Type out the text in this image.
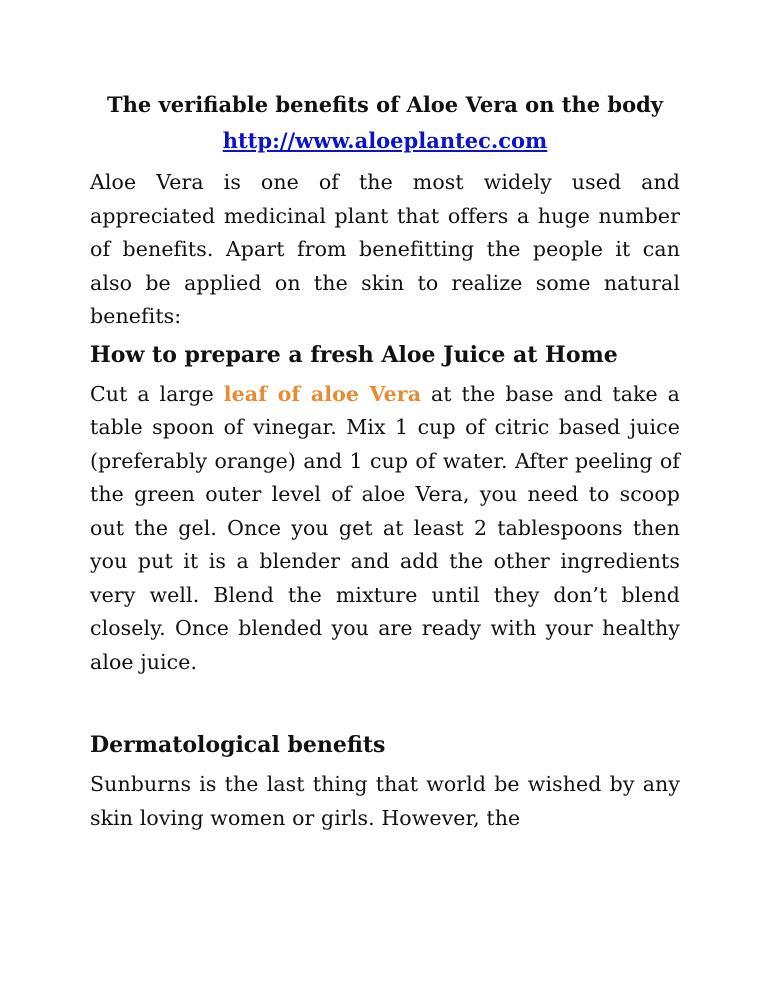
The verifiable benefits of Aloe Vera on the body
http://www.aloeplantec.com

Aloe Vera is one of the most widely used and appreciated medicinal plant that offers a huge number of benefits. Apart from benefitting the people it can also be applied on the skin to realize some natural benefits:

How to prepare a fresh Aloe Juice at Home

Cut a large leaf of aloe Vera at the base and take a table spoon of vinegar. Mix 1 cup of citric based juice (preferably orange) and 1 cup of water. After peeling of the green outer level of aloe Vera, you need to scoop out the gel. Once you get at least 2 tablespoons then you put it is a blender and add the other ingredients very well. Blend the mixture until they don’t blend closely. Once blended you are ready with your healthy aloe juice.

Dermatological benefits

Sunburns is the last thing that world be wished by any skin loving women or girls. However, the
